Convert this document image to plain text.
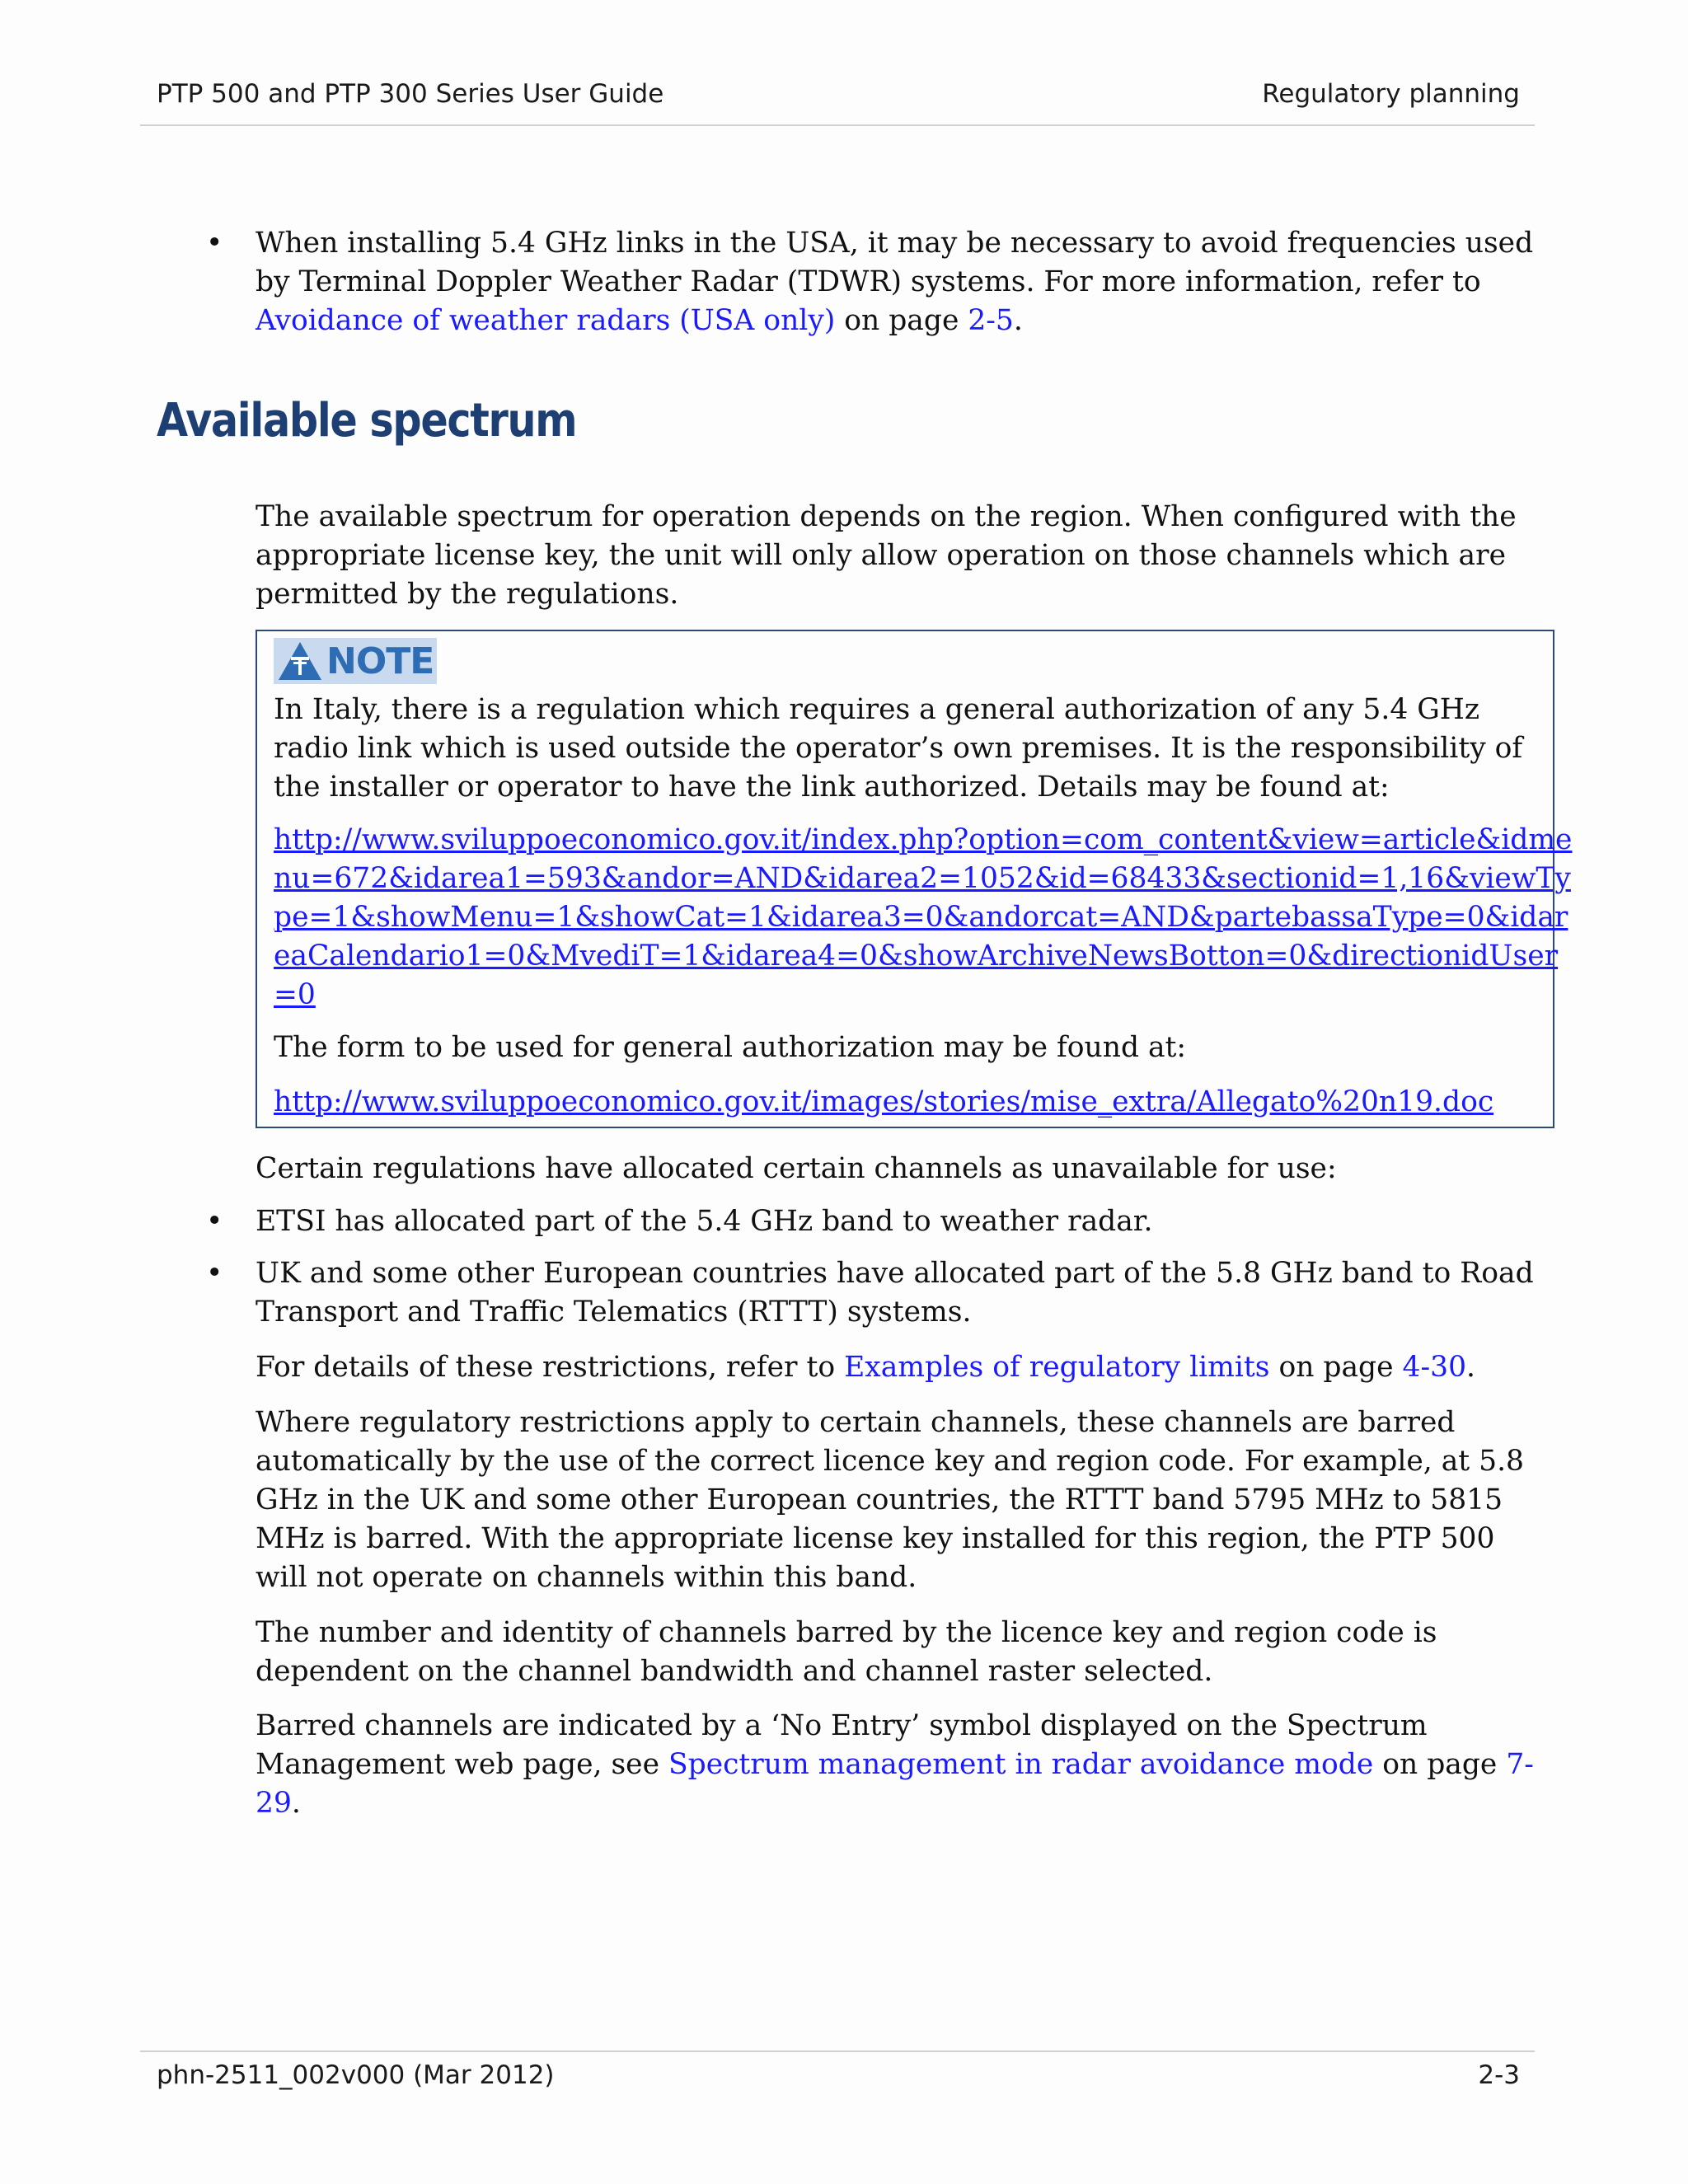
PTP 500 and PTP 300 Series User Guide	Regulatory planning
• When installing 5.4 GHz links in the USA, it may be necessary to avoid frequencies used by Terminal Doppler Weather Radar (TDWR) systems. For more information, refer to Avoidance of weather radars (USA only) on page 2-5.
Available spectrum
The available spectrum for operation depends on the region. When configured with the appropriate license key, the unit will only allow operation on those channels which are permitted by the regulations.
NOTE
In Italy, there is a regulation which requires a general authorization of any 5.4 GHz radio link which is used outside the operator’s own premises. It is the responsibility of the installer or operator to have the link authorized. Details may be found at:
http://www.sviluppoeconomico.gov.it/index.php?option=com_content&view=article&idme
nu=672&idarea1=593&andor=AND&idarea2=1052&id=68433&sectionid=1,16&viewTy
pe=1&showMenu=1&showCat=1&idarea3=0&andorcat=AND&partebassaType=0&idar
eaCalendario1=0&MvediT=1&idarea4=0&showArchiveNewsBotton=0&directionidUser
=0
The form to be used for general authorization may be found at:
http://www.sviluppoeconomico.gov.it/images/stories/mise_extra/Allegato%20n19.doc
Certain regulations have allocated certain channels as unavailable for use:
• ETSI has allocated part of the 5.4 GHz band to weather radar.
• UK and some other European countries have allocated part of the 5.8 GHz band to Road Transport and Traffic Telematics (RTTT) systems.
For details of these restrictions, refer to Examples of regulatory limits on page 4-30.
Where regulatory restrictions apply to certain channels, these channels are barred automatically by the use of the correct licence key and region code. For example, at 5.8 GHz in the UK and some other European countries, the RTTT band 5795 MHz to 5815 MHz is barred. With the appropriate license key installed for this region, the PTP 500 will not operate on channels within this band.
The number and identity of channels barred by the licence key and region code is dependent on the channel bandwidth and channel raster selected.
Barred channels are indicated by a ‘No Entry’ symbol displayed on the Spectrum Management web page, see Spectrum management in radar avoidance mode on page 7-29.
phn-2511_002v000 (Mar 2012)	2-3
